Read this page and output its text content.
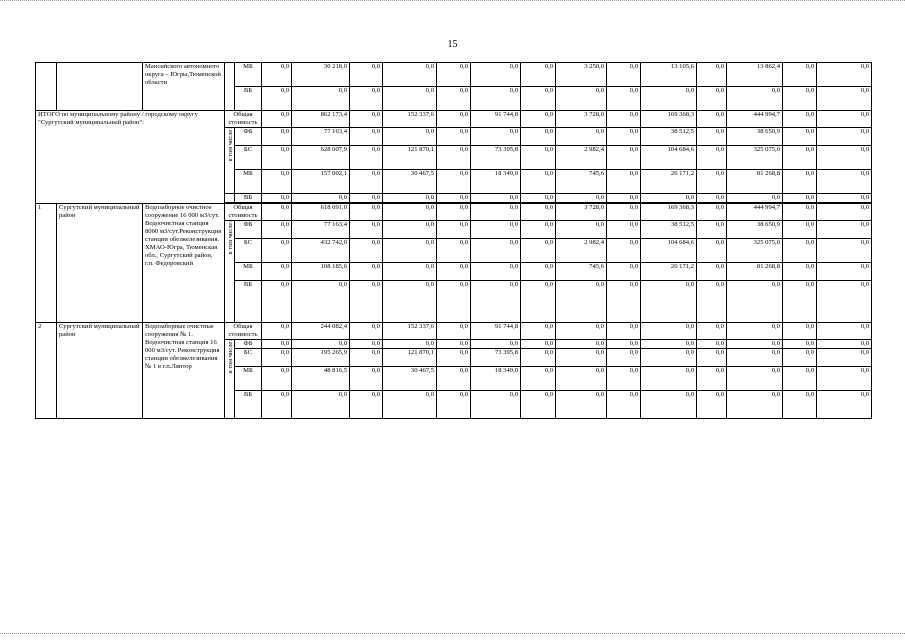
15
		Мансийского автономного округа – Югры,Тюменской области		МБ	0,0	30 218,0	0,0	0,0	0,0	0,0	0,0	3 250,0	0,0	13 105,6	0,0	13 862,4	0,0	0,0
				ВБ	0,0	0,0	0,0	0,0	0,0	0,0	0,0	0,0	0,0	0,0	0,0	0,0	0,0	0,0
ИТОГО по муниципальному району / городскому округу "Сургутский муниципальный район":			Общая стоимость		0,0	862 173,4	0,0	152 337,6	0,0	91 744,8	0,0	3 728,0	0,0	169 368,3	0,0	444 994,7	0,0	0,0
			в том числе:	ФБ	0,0	77 163,4	0,0	0,0	0,0	0,0	0,0	0,0	0,0	38 512,5	0,0	38 650,9	0,0	0,0
				БС	0,0	628 007,9	0,0	121 870,1	0,0	73 395,8	0,0	2 982,4	0,0	104 684,6	0,0	325 075,0	0,0	0,0
				МБ	0,0	157 002,1	0,0	30 467,5	0,0	18 349,0	0,0	745,6	0,0	26 171,2	0,0	81 268,8	0,0	0,0
				ВБ	0,0	0,0	0,0	0,0	0,0	0,0	0,0	0,0	0,0	0,0	0,0	0,0	0,0	0,0

1	Сургутский муниципальный район	Водозаборное очистное сооружение 16 000 м3/сут. Водоочистная станция 8000 м3/сут.Реконструкция станции обезжелезивания. ХМАО-Югра, Тюменская обл., Сургутский район, г.п. Федоровский	Общая стоимость		0,0	618 091,0	0,0	0,0	0,0	0,0	0,0	3 728,0	0,0	169 368,3	0,0	444 994,7	0,0	0,0
			в том числе:	ФБ	0,0	77 163,4	0,0	0,0	0,0	0,0	0,0	0,0	0,0	38 512,5	0,0	38 650,9	0,0	0,0
				БС	0,0	432 742,0	0,0	0,0	0,0	0,0	0,0	2 982,4	0,0	104 684,6	0,0	325 075,0	0,0	0,0
				МБ	0,0	108 185,6	0,0	0,0	0,0	0,0	0,0	745,6	0,0	26 171,2	0,0	81 268,8	0,0	0,0
				ВБ	0,0	0,0	0,0	0,0	0,0	0,0	0,0	0,0	0,0	0,0	0,0	0,0	0,0	0,0
2	Сургутский муниципальный район	Водозаборные очистные сооружения № 1. Водоочистная станция 16 000 м3/сут. Реконструкция станции обезжелезивания № 1 в г.п.Лянтор	Общая стоимость		0,0	244 082,4	0,0	152 337,6	0,0	91 744,8	0,0	0,0	0,0	0,0	0,0	0,0	0,0	0,0
			в том числе:	ФБ	0,0	0,0	0,0	0,0	0,0	0,0	0,0	0,0	0,0	0,0	0,0	0,0	0,0	0,0
				БС	0,0	195 265,9	0,0	121 870,1	0,0	73 395,8	0,0	0,0	0,0	0,0	0,0	0,0	0,0	0,0
				МБ	0,0	48 816,5	0,0	30 467,5	0,0	18 349,0	0,0	0,0	0,0	0,0	0,0	0,0	0,0	0,0
				ВБ	0,0	0,0	0,0	0,0	0,0	0,0	0,0	0,0	0,0	0,0	0,0	0,0	0,0	0,0
